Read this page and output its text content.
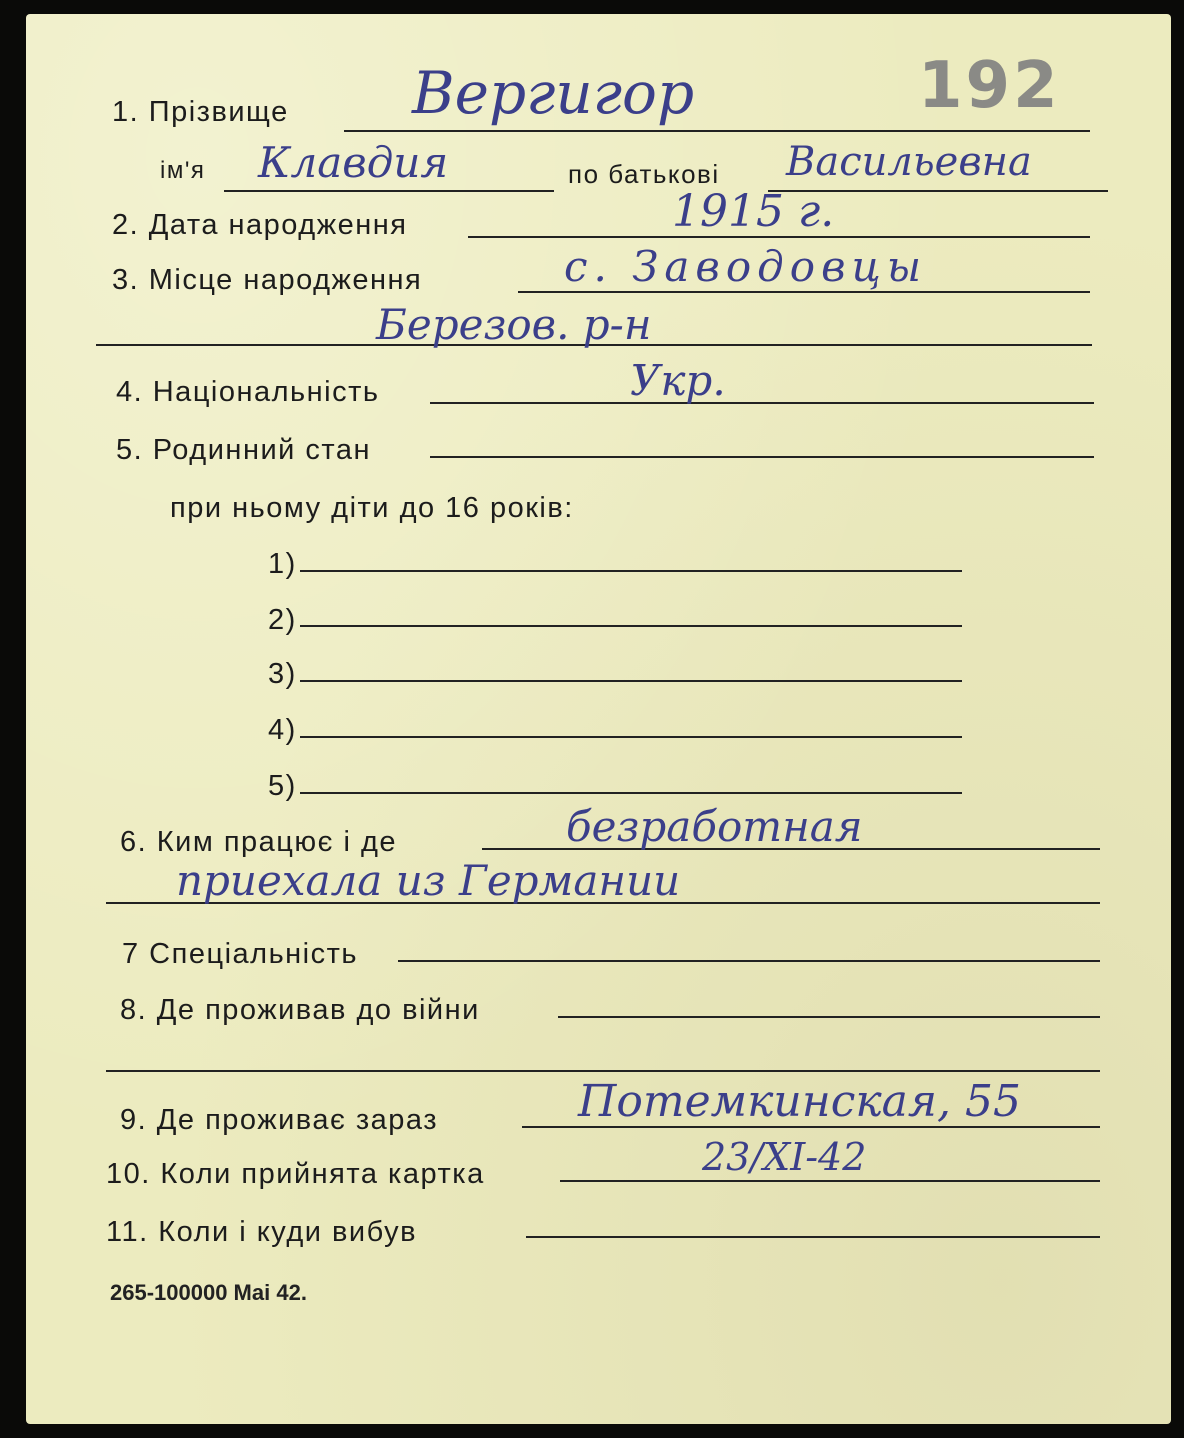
192
1. Прізвище Вергигор
ім'я Клавдия	по батькові Васильевна
2. Дата народження	1915 г.
3. Місце народження	с. Заводовцы
Березов. р-н
4. Національність	Укр.
5. Родинний стан
при ньому діти до 16 років:
1)
2)
3)
4)
5)
6. Ким працює і де	безработная
приехала из Германии
7 Спеціальність
8. Де проживав до війни
9. Де проживає зараз	Потемкинская, 55
10. Коли прийнята картка	23/XI-42
11. Коли і куди вибув
265-100000 Mai 42.
